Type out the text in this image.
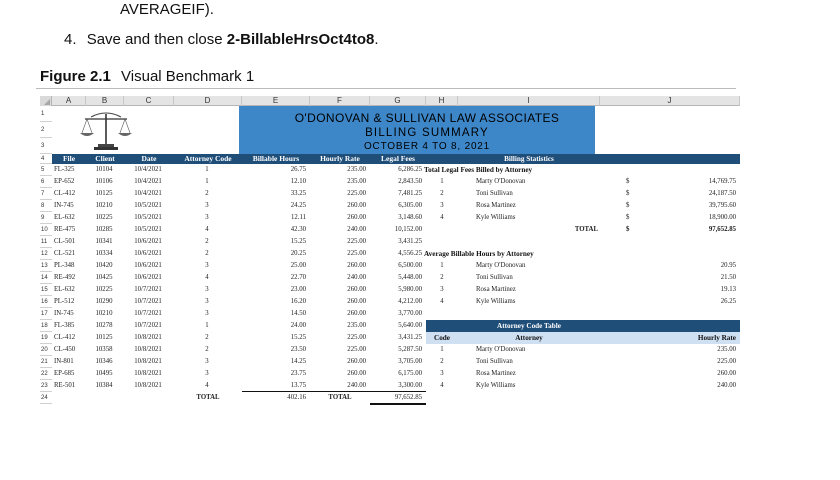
AVERAGEIF).
4. Save and then close 2-BillableHrsOct4to8.
Figure 2.1 Visual Benchmark 1
A	B	C	D	E	F	G	H	I	J
1
2
3
4
5
6
7
8
9
10
11
12
13
14
15
16
17
18
19
20
21
22
23
24
O'DONOVAN & SULLIVAN LAW ASSOCIATES
BILLING SUMMARY
OCTOBER 4 TO 8, 2021
File	Client	Date	Attorney Code	Billable Hours	Hourly Rate	Legal Fees
FL-325	10104	10/4/2021	1	26.75	235.00	6,286.25
EP-652	10106	10/4/2021	1	12.10	235.00	2,843.50
CL-412	10125	10/4/2021	2	33.25	225.00	7,481.25
IN-745	10210	10/5/2021	3	24.25	260.00	6,305.00
EL-632	10225	10/5/2021	3	12.11	260.00	3,148.60
RE-475	10285	10/5/2021	4	42.30	240.00	10,152.00
CL-501	10341	10/6/2021	2	15.25	225.00	3,431.25
CL-521	10334	10/6/2021	2	20.25	225.00	4,556.25
PL-348	10420	10/6/2021	3	25.00	260.00	6,500.00
RE-492	10425	10/6/2021	4	22.70	240.00	5,448.00
EL-632	10225	10/7/2021	3	23.00	260.00	5,980.00
PL-512	10290	10/7/2021	3	16.20	260.00	4,212.00
IN-745	10210	10/7/2021	3	14.50	260.00	3,770.00
FL-385	10278	10/7/2021	1	24.00	235.00	5,640.00
CL-412	10125	10/8/2021	2	15.25	225.00	3,431.25
CL-450	10358	10/8/2021	2	23.50	225.00	5,287.50
IN-801	10346	10/8/2021	3	14.25	260.00	3,705.00
EP-685	10495	10/8/2021	3	23.75	260.00	6,175.00
RE-501	10384	10/8/2021	4	13.75	240.00	3,300.00
TOTAL	402.16	TOTAL	97,652.85
Billing Statistics
Total Legal Fees Billed by Attorney
1	Marty O'Donovan	$	14,769.75
2	Toni Sullivan	$	24,187.50
3	Rosa Martinez	$	39,795.60
4	Kyle Williams	$	18,900.00
TOTAL	$	97,652.85
Average Billable Hours by Attorney
1	Marty O'Donovan	20.95
2	Toni Sullivan	21.50
3	Rosa Martinez	19.13
4	Kyle Williams	26.25
Attorney Code Table
Code	Attorney	Hourly Rate
1	Marty O'Donovan	235.00
2	Toni Sullivan	225.00
3	Rosa Martinez	260.00
4	Kyle Williams	240.00
